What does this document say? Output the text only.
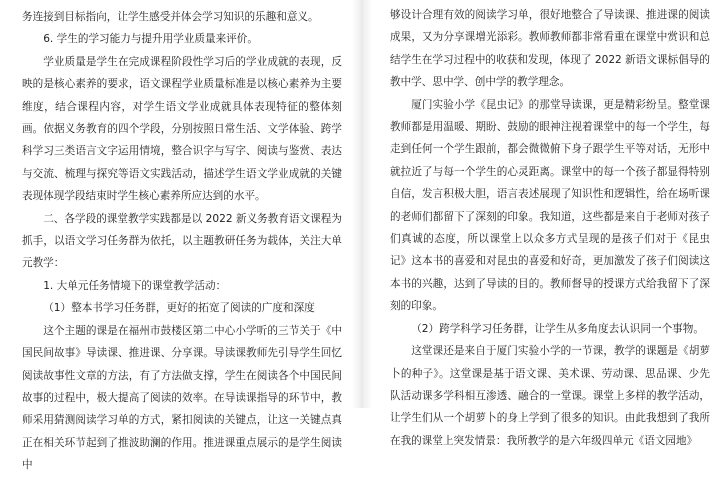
务连接到目标指向，让学生感受并体会学习知识的乐趣和意义。

6. 学生的学习能力与提升用学业质量来评价。

学业质量是学生在完成课程阶段性学习后的学业成就的表现，反映的是核心素养的要求，语文课程学业质量标准是以核心素养为主要维度，结合课程内容，对学生语文学业成就具体表现特征的整体刻画。依据义务教育的四个学段，分别按照日常生活、文学体验、跨学科学习三类语言文字运用情境，整合识字与写字、阅读与鉴赏、表达与交流、梳理与探究等语文实践活动，描述学生语文学业成就的关键表现体现学段结束时学生核心素养所应达到的水平。

二、各学段的课堂教学实践都是以 2022 新义务教育语文课程为抓手，以语文学习任务群为依托，以主题教研任务为载体，关注大单元教学：

1. 大单元任务情境下的课堂教学活动：

（1）整本书学习任务群，更好的拓宽了阅读的广度和深度

这个主题的课是在福州市鼓楼区第二中心小学听的三节关于《中国民间故事》导读课、推进课、分享课。导读课教师先引导学生回忆阅读故事性文章的方法，有了方法做支撑，学生在阅读各个中国民间故事的过程中，极大提高了阅读的效率。在导读课指导的环节中，教师采用猜测阅读学习单的方式，紧扣阅读的关键点，让这一关键点真正在相关环节起到了推波助澜的作用。推进课重点展示的是学生阅读中

够设计合理有效的阅读学习单，很好地整合了导读课、推进课的阅读成果，又为分享课增光添彩。教师教师都非常看重在课堂中赏识和总结学生在学习过程中的收获和发现，体现了 2022 新语文课标倡导的教中学、思中学、创中学的教学理念。

厦门实验小学《昆虫记》的那堂导读课，更是精彩纷呈。整堂课教师都是用温暖、期盼、鼓励的眼神注视着课堂中的每一个学生，每走到任何一个学生跟前，都会微微俯下身子跟学生平等对话，无形中就拉近了与每一个学生的心灵距离。课堂中的每一个孩子都显得特别自信，发言积极大胆，语言表述展现了知识性和逻辑性，给在场听课的老师们都留下了深刻的印象。我知道，这些都是来自于老师对孩子们真诚的态度，所以课堂上以众多方式呈现的是孩子们对于《昆虫记》这本书的喜爱和对昆虫的喜爱和好奇，更加激发了孩子们阅读这本书的兴趣，达到了导读的目的。教师督导的授课方式给我留下了深刻的印象。

（2）跨学科学习任务群，让学生从多角度去认识同一个事物。

这堂课还是来自于厦门实验小学的一节课，教学的课题是《胡萝卜的种子》。这堂课是基于语文课、美术课、劳动课、思品课、少先队活动课多学科相互渗透、融合的一堂课。课堂上多样的教学活动，让学生们从一个胡萝卜的身上学到了很多的知识。由此我想到了我所在我的课堂上突发情景：我所教学的是六年级四单元《语文园地》
